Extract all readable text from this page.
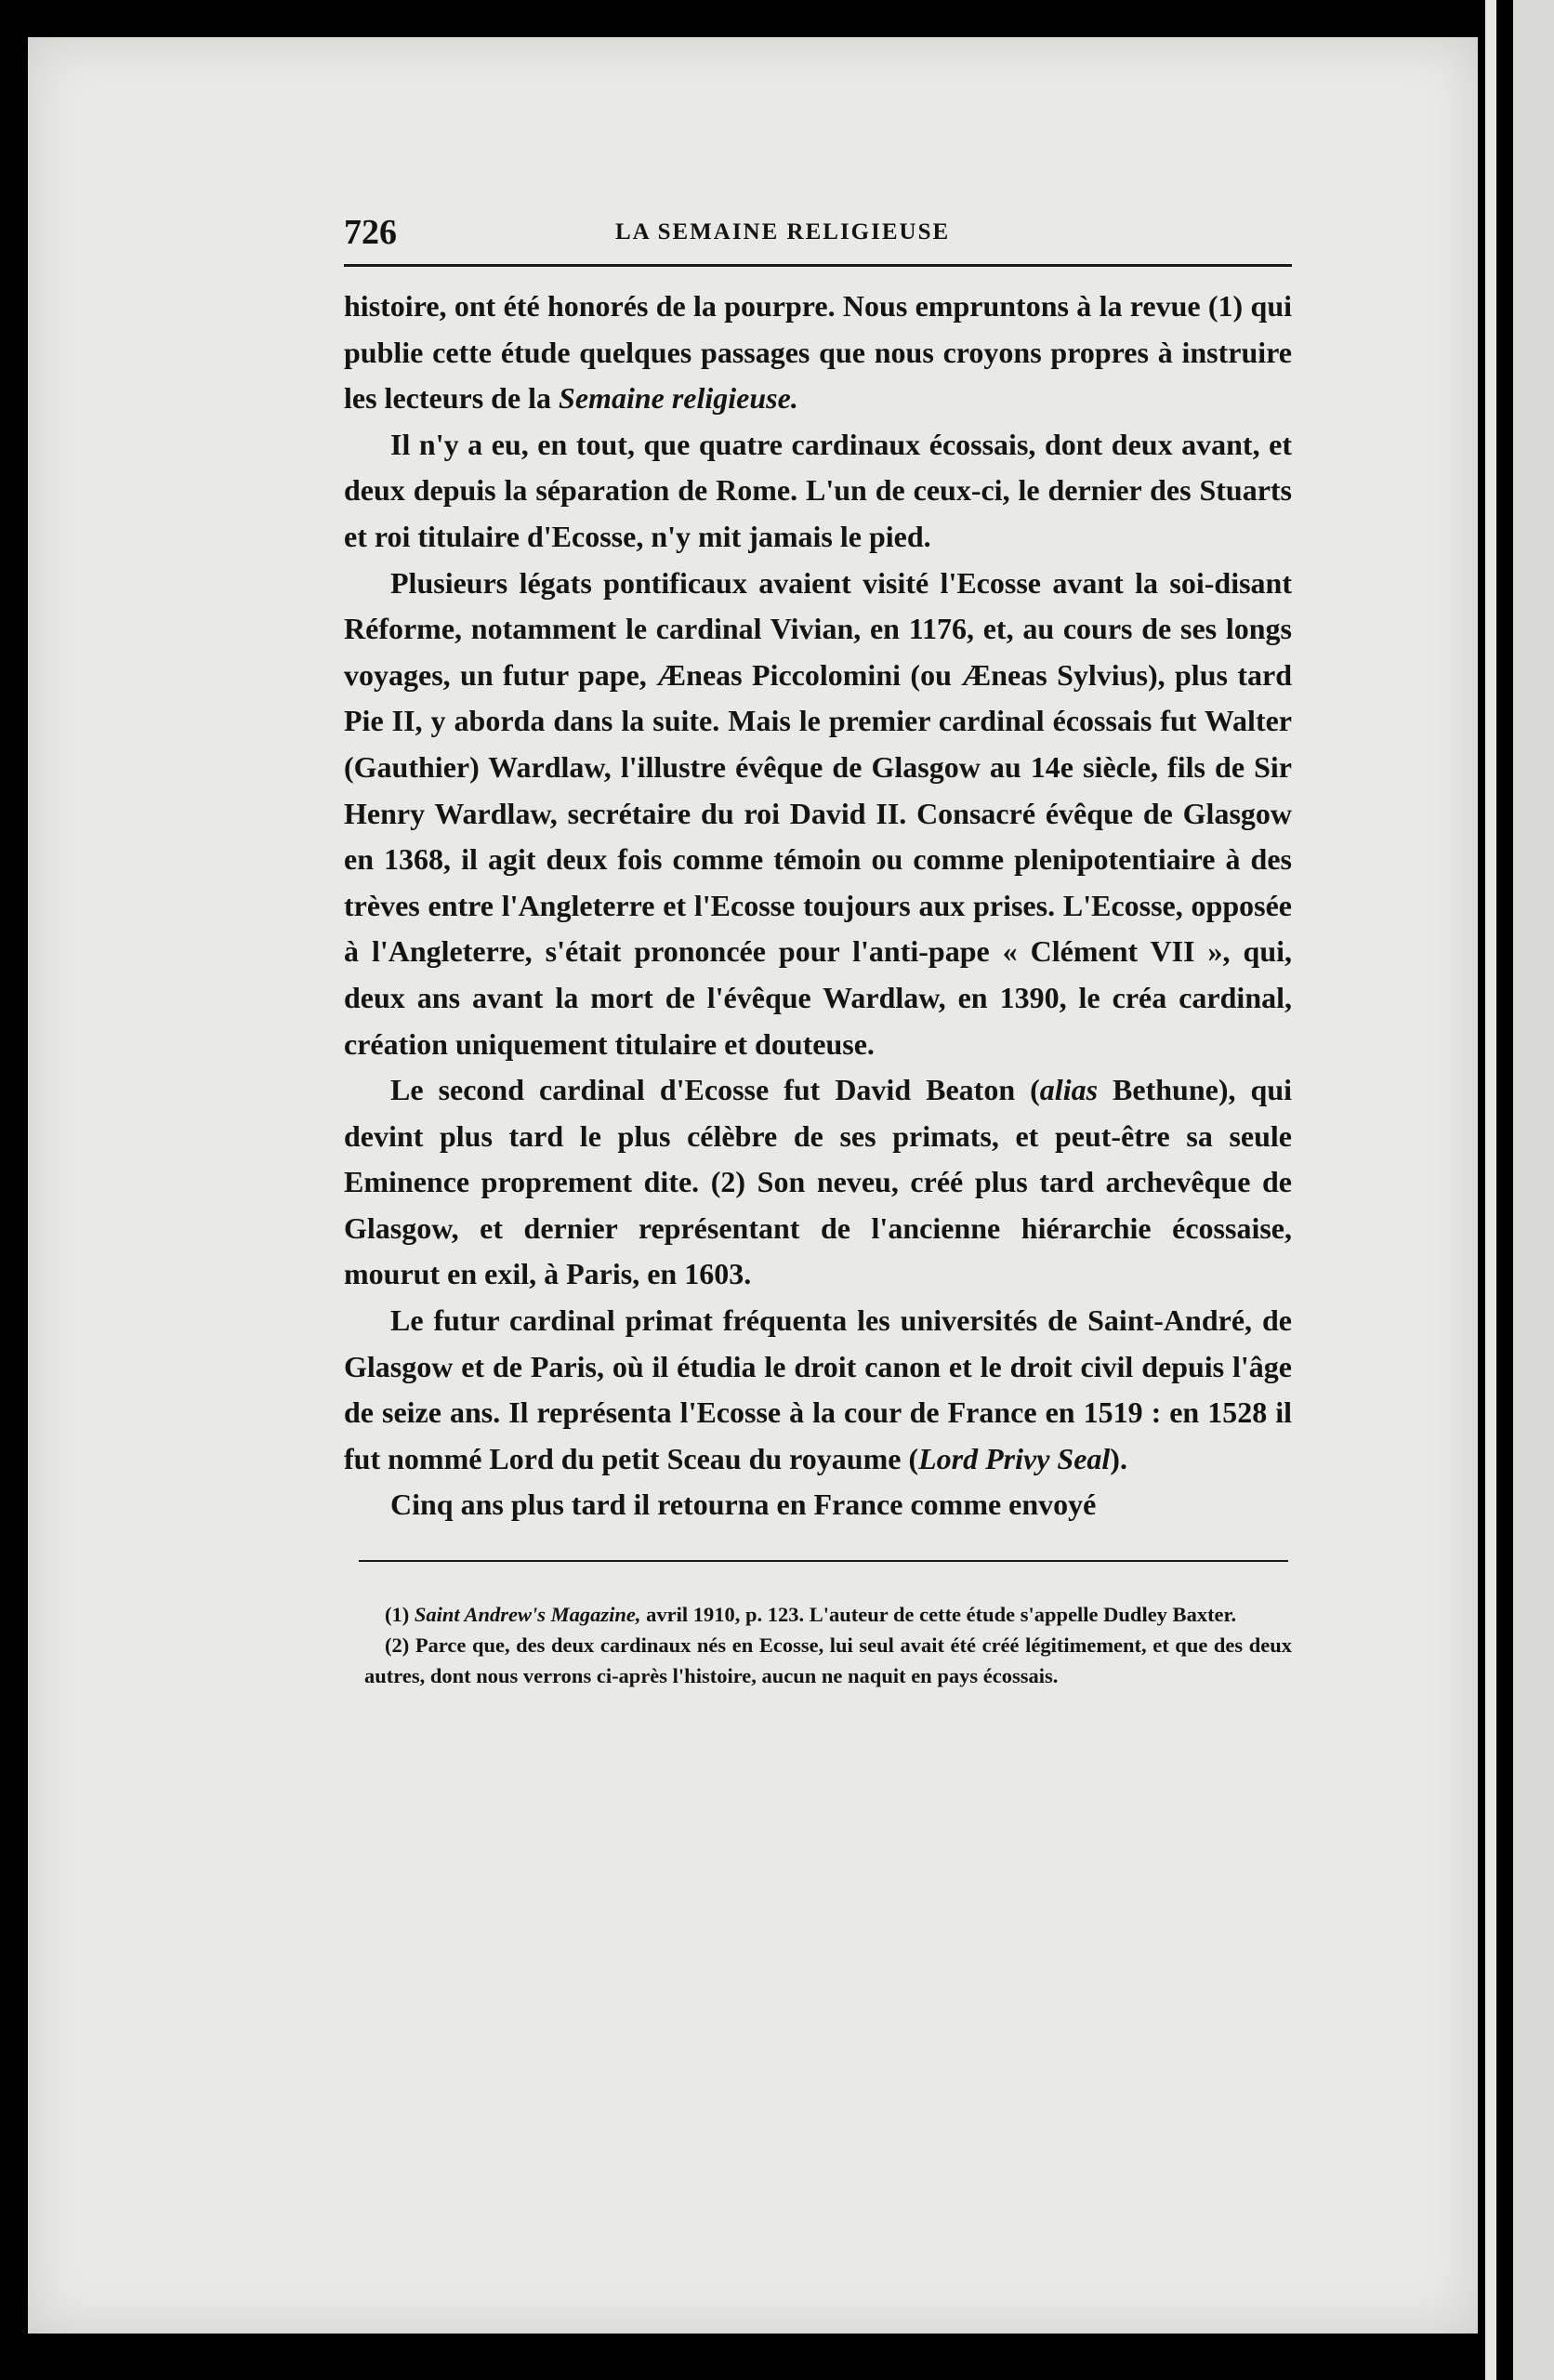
726	LA SEMAINE RELIGIEUSE

histoire, ont été honorés de la pourpre. Nous empruntons à la revue (1) qui publie cette étude quelques passages que nous croyons propres à instruire les lecteurs de la Semaine religieuse.

Il n'y a eu, en tout, que quatre cardinaux écossais, dont deux avant, et deux depuis la séparation de Rome. L'un de ceux-ci, le dernier des Stuarts et roi titulaire d'Ecosse, n'y mit jamais le pied.

Plusieurs légats pontificaux avaient visité l'Ecosse avant la soi-disant Réforme, notamment le cardinal Vivian, en 1176, et, au cours de ses longs voyages, un futur pape, Æneas Piccolomini (ou Æneas Sylvius), plus tard Pie II, y aborda dans la suite. Mais le premier cardinal écossais fut Walter (Gauthier) Wardlaw, l'illustre évêque de Glasgow au 14e siècle, fils de Sir Henry Wardlaw, secrétaire du roi David II. Consacré évêque de Glasgow en 1368, il agit deux fois comme témoin ou comme plenipotentiaire à des trèves entre l'Angleterre et l'Ecosse toujours aux prises. L'Ecosse, opposée à l'Angleterre, s'était prononcée pour l'anti-pape « Clément VII », qui, deux ans avant la mort de l'évêque Wardlaw, en 1390, le créa cardinal, création uniquement titulaire et douteuse.

Le second cardinal d'Ecosse fut David Beaton (alias Bethune), qui devint plus tard le plus célèbre de ses primats, et peut-être sa seule Eminence proprement dite. (2) Son neveu, créé plus tard archevêque de Glasgow, et dernier représentant de l'ancienne hiérarchie écossaise, mourut en exil, à Paris, en 1603.

Le futur cardinal primat fréquenta les universités de Saint-André, de Glasgow et de Paris, où il étudia le droit canon et le droit civil depuis l'âge de seize ans. Il représenta l'Ecosse à la cour de France en 1519 : en 1528 il fut nommé Lord du petit Sceau du royaume (Lord Privy Seal).

Cinq ans plus tard il retourna en France comme envoyé

(1) Saint Andrew's Magazine, avril 1910, p. 123. L'auteur de cette étude s'appelle Dudley Baxter.

(2) Parce que, des deux cardinaux nés en Ecosse, lui seul avait été créé légitimement, et que des deux autres, dont nous verrons ci-après l'histoire, aucun ne naquit en pays écossais.
